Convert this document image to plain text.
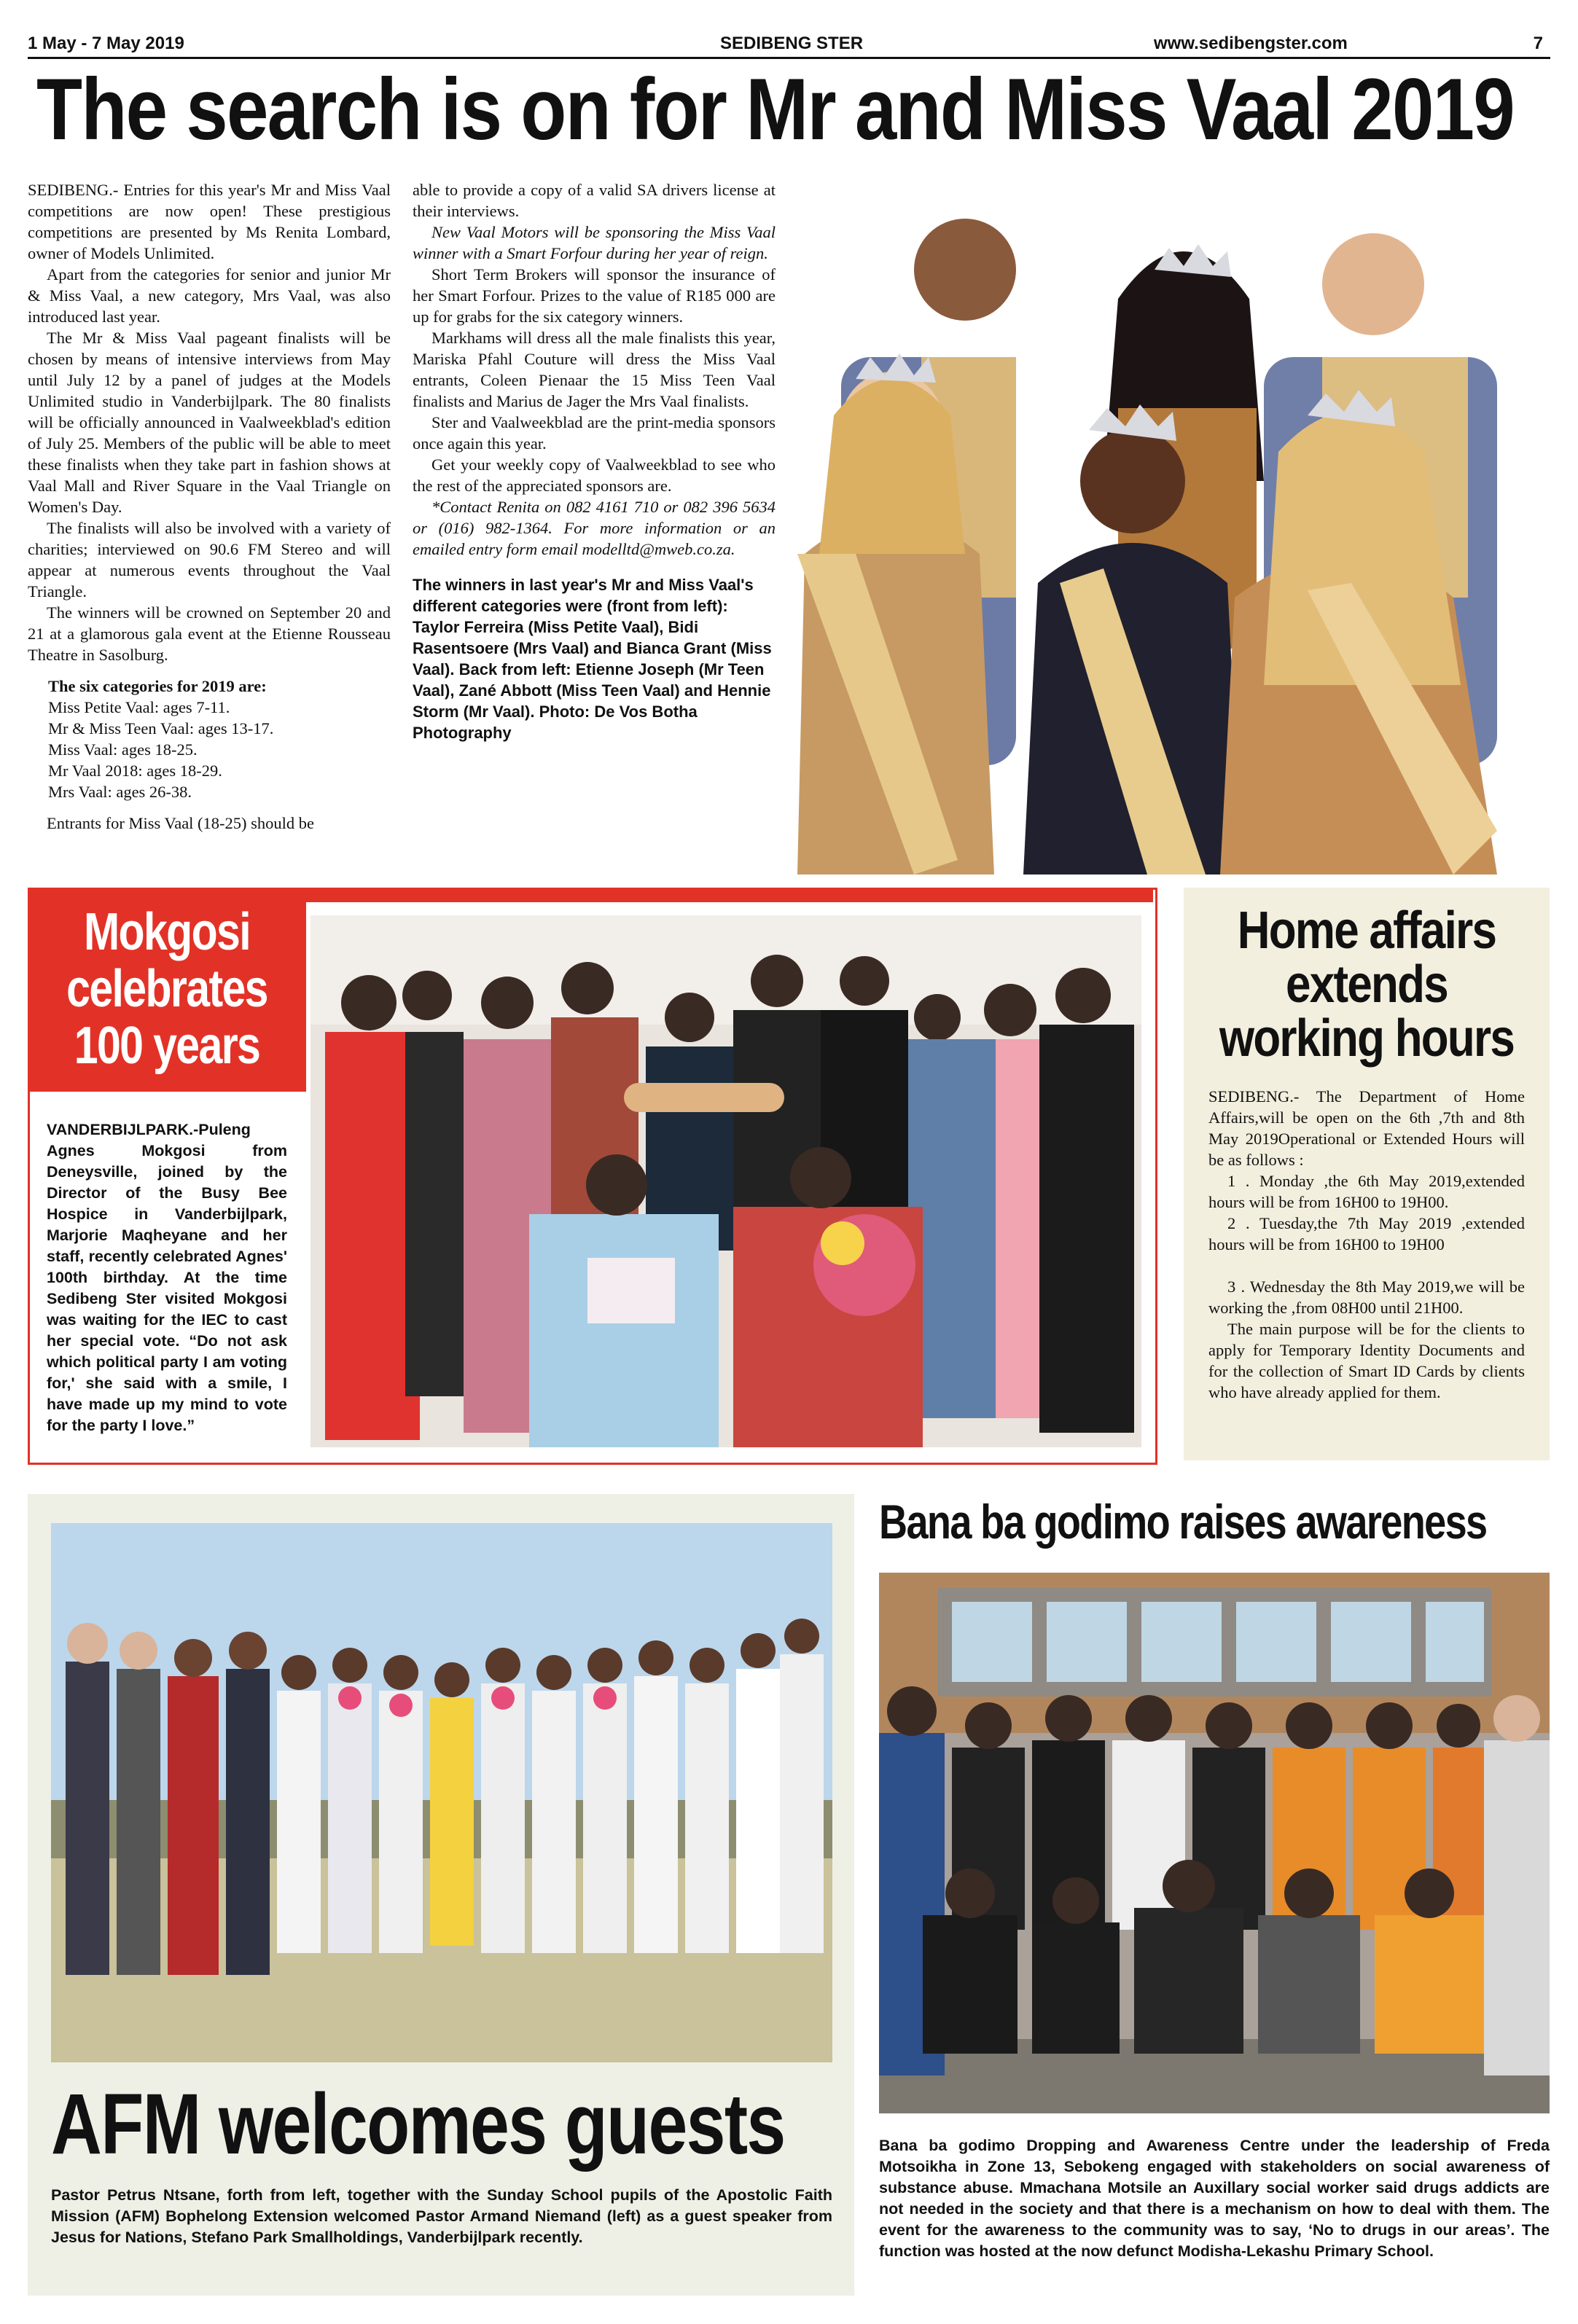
1 May - 7 May 2019	SEDIBENG STER	www.sedibengster.com	7
The search is on for Mr and Miss Vaal 2019

SEDIBENG.- Entries for this year's Mr and Miss Vaal competitions are now open! These prestigious competitions are presented by Ms Renita Lombard, owner of Models Unlimited.

Apart from the categories for senior and junior Mr & Miss Vaal, a new category, Mrs Vaal, was also introduced last year.

The Mr & Miss Vaal pageant finalists will be chosen by means of intensive interviews from May until July 12 by a panel of judges at the Models Unlimited studio in Vanderbijlpark. The 80 finalists will be officially announced in Vaalweekblad's edition of July 25. Members of the public will be able to meet these finalists when they take part in fashion shows at Vaal Mall and River Square in the Vaal Triangle on Women's Day.

The finalists will also be involved with a variety of charities; interviewed on 90.6 FM Stereo and will appear at numerous events throughout the Vaal Triangle.

The winners will be crowned on September 20 and 21 at a glamorous gala event at the Etienne Rousseau Theatre in Sasolburg.

The six categories for 2019 are:

Miss Petite Vaal: ages 7-11.

Mr & Miss Teen Vaal: ages 13-17.

Miss Vaal: ages 18-25.

Mr Vaal 2018: ages 18-29.

Mrs Vaal: ages 26-38.

Entrants for Miss Vaal (18-25) should be

able to provide a copy of a valid SA drivers license at their interviews.

New Vaal Motors will be sponsoring the Miss Vaal winner with a Smart Forfour during her year of reign.

Short Term Brokers will sponsor the insurance of her Smart Forfour. Prizes to the value of R185 000 are up for grabs for the six category winners.

Markhams will dress all the male finalists this year, Mariska Pfahl Couture will dress the Miss Vaal entrants, Coleen Pienaar the 15 Miss Teen Vaal finalists and Marius de Jager the Mrs Vaal finalists.

Ster and Vaalweekblad are the print-media sponsors once again this year.

Get your weekly copy of Vaalweekblad to see who the rest of the appreciated sponsors are.

*Contact Renita on 082 4161 710 or 082 396 5634 or (016) 982-1364. For more information or an emailed entry form email modelltd@mweb.co.za.

The winners in last year's Mr and Miss Vaal's different categories were (front from left): Taylor Ferreira (Miss Petite Vaal), Bidi Rasentsoere (Mrs Vaal) and Bianca Grant (Miss Vaal). Back from left: Etienne Joseph (Mr Teen Vaal), Zané Abbott (Miss Teen Vaal) and Hennie Storm (Mr Vaal). Photo: De Vos Botha Photography
Mokgosi
celebrates
100 years
VANDERBIJLPARK.-Puleng Agnes Mokgosi from Deneysville, joined by the Director of the Busy Bee Hospice in Vanderbijlpark, Marjorie Maqheyane and her staff, recently celebrated Agnes' 100th birthday. At the time Sedibeng Ster visited Mokgosi was waiting for the IEC to cast her special vote. “Do not ask which political party I am voting for,' she said with a smile, I have made up my mind to vote for the party I love.”
Home affairs
extends
working hours

SEDIBENG.- The Department of Home Affairs,will be open on the 6th ,7th and 8th May 2019Operational or Extended Hours will be as follows :

1 . Monday ,the 6th May 2019,extended hours will be from 16H00 to 19H00.

2 . Tuesday,the 7th May 2019 ,extended hours will be from 16H00 to 19H00

3 . Wednesday the 8th May 2019,we will be working the ,from 08H00 until 21H00.

The main purpose will be for the clients to apply for Temporary Identity Documents and for the collection of Smart ID Cards by clients who have already applied for them.

AFM welcomes guests
Pastor Petrus Ntsane, forth from left, together with the Sunday School pupils of the Apostolic Faith Mission (AFM) Bophelong Extension welcomed Pastor Armand Niemand (left) as a guest speaker from Jesus for Nations, Stefano Park Smallholdings, Vanderbijlpark recently.
Bana ba godimo raises awareness
Bana ba godimo Dropping and Awareness Centre under the leadership of Freda Motsoikha in Zone 13, Sebokeng engaged with stakeholders on social awareness of substance abuse. Mmachana Motsile an Auxillary social worker said drugs addicts are not needed in the society and that there is a mechanism on how to deal with them. The event for the awareness to the community was to say, ‘No to drugs in our areas’. The function was hosted at the now defunct Modisha-Lekashu Primary School.
